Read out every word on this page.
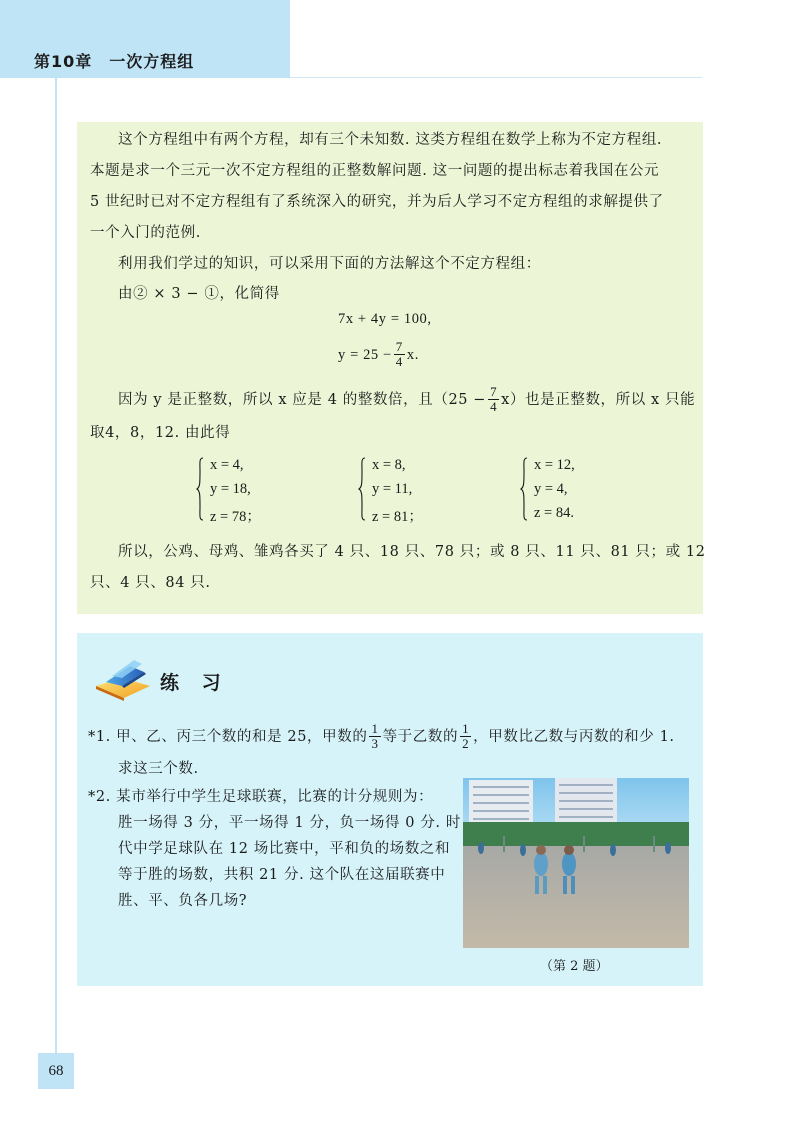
第10章　一次方程组
这个方程组中有两个方程，却有三个未知数. 这类方程组在数学上称为不定方程组.
本题是求一个三元一次不定方程组的正整数解问题. 这一问题的提出标志着我国在公元
5 世纪时已对不定方程组有了系统深入的研究，并为后人学习不定方程组的求解提供了
一个入门的范例.
利用我们学过的知识，可以采用下面的方法解这个不定方程组：
由② × 3 − ①，化简得
7x + 4y = 100,
$y = 25 - \frac{7}{4} x$.
因为 y 是正整数，所以 x 应是 4 的整数倍，且$(25 - \frac{7}{4} x)$也是正整数，所以 x 只能
取4，8，12. 由此得
x = 4,
y = 18,
z = 78；
x = 8,
y = 11,
z = 81；
x = 12,
y = 4,
z = 84.
所以，公鸡、母鸡、雏鸡各买了 4 只、18 只、78 只；或 8 只、11 只、81 只；或 12
只、4 只、84 只.
练 习
*1. 甲、乙、丙三个数的和是 25，甲数的 $\frac{1}{3}$ 等于乙数的 $\frac{1}{2}$ ，甲数比乙数与丙数的和少 1.
求这三个数.
*2. 某市举行中学生足球联赛，比赛的计分规则为：
胜一场得 3 分，平一场得 1 分，负一场得 0 分. 时
代中学足球队在 12 场比赛中，平和负的场数之和
等于胜的场数，共积 21 分. 这个队在这届联赛中
胜、平、负各几场?
（第 2 题）
68
